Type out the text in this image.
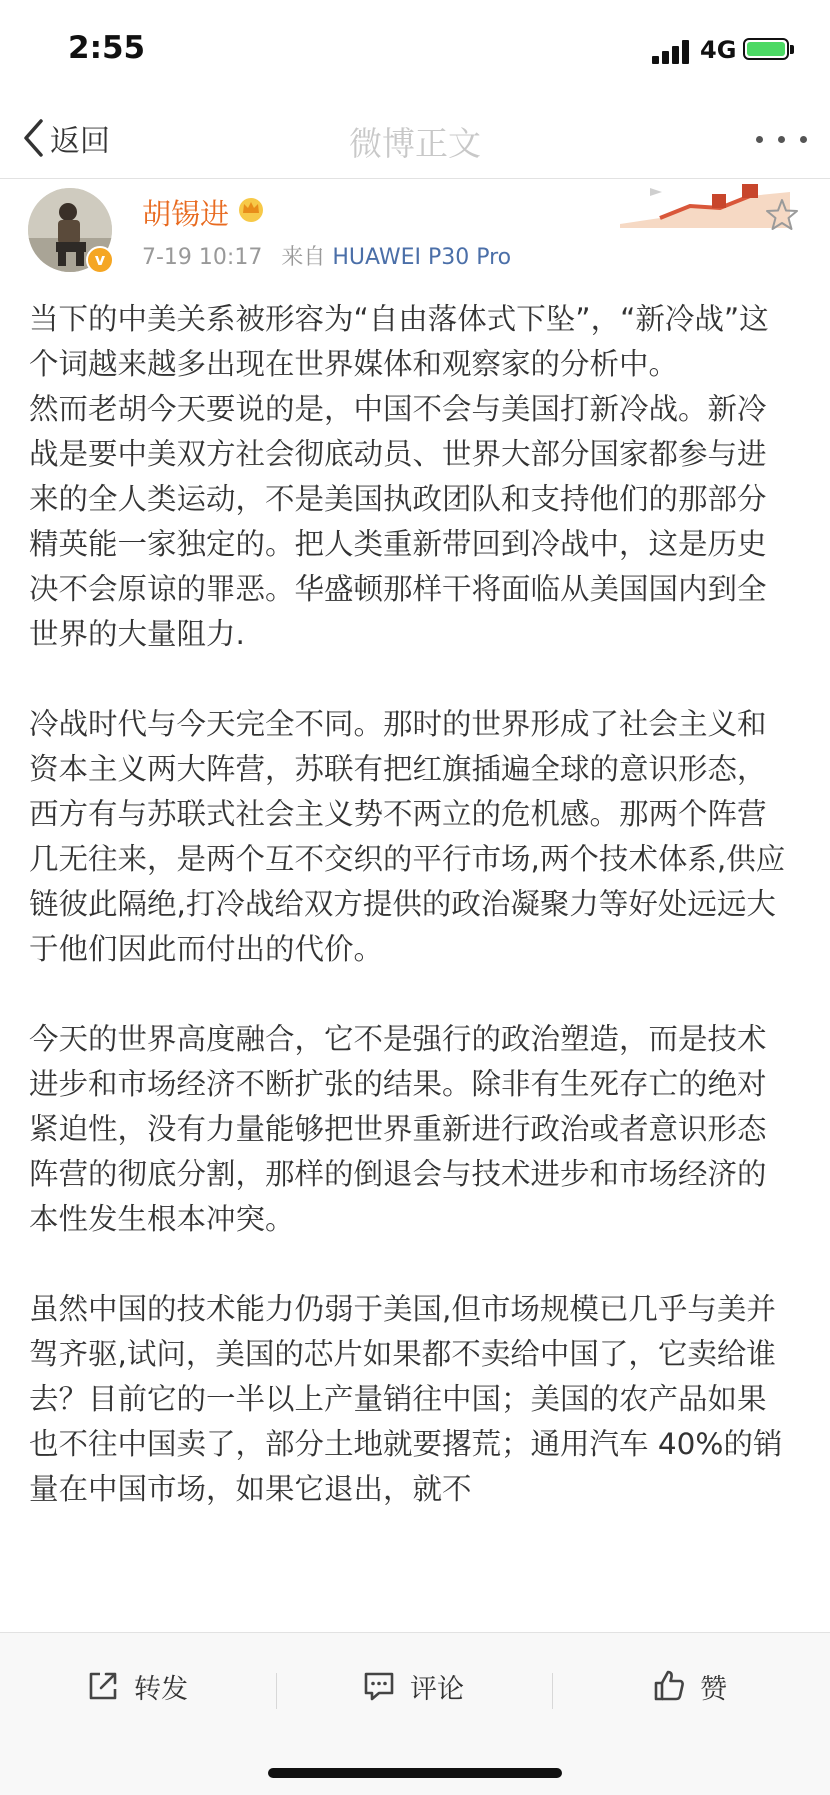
2:55	4G
返回	微博正文
v
胡锡进
7-19 10:17 来自 HUAWEI P30 Pro

当下的中美关系被形容为“自由落体式下坠”，“新冷战”这个词越来越多出现在世界媒体和观察家的分析中。
然而老胡今天要说的是，中国不会与美国打新冷战。新冷战是要中美双方社会彻底动员、世界大部分国家都参与进来的全人类运动，不是美国执政团队和支持他们的那部分精英能一家独定的。把人类重新带回到冷战中，这是历史决不会原谅的罪恶。华盛顿那样干将面临从美国国内到全世界的大量阻力.

冷战时代与今天完全不同。那时的世界形成了社会主义和资本主义两大阵营，苏联有把红旗插遍全球的意识形态，西方有与苏联式社会主义势不两立的危机感。那两个阵营几无往来，是两个互不交织的平行市场,两个技术体系,供应链彼此隔绝,打冷战给双方提供的政治凝聚力等好处远远大于他们因此而付出的代价。

今天的世界高度融合，它不是强行的政治塑造，而是技术进步和市场经济不断扩张的结果。除非有生死存亡的绝对紧迫性，没有力量能够把世界重新进行政治或者意识形态阵营的彻底分割，那样的倒退会与技术进步和市场经济的本性发生根本冲突。

虽然中国的技术能力仍弱于美国,但市场规模已几乎与美并驾齐驱,试问，美国的芯片如果都不卖给中国了，它卖给谁去？目前它的一半以上产量销往中国；美国的农产品如果也不往中国卖了，部分土地就要撂荒；通用汽车 40%的销量在中国市场，如果它退出，就不

转发	评论	赞
